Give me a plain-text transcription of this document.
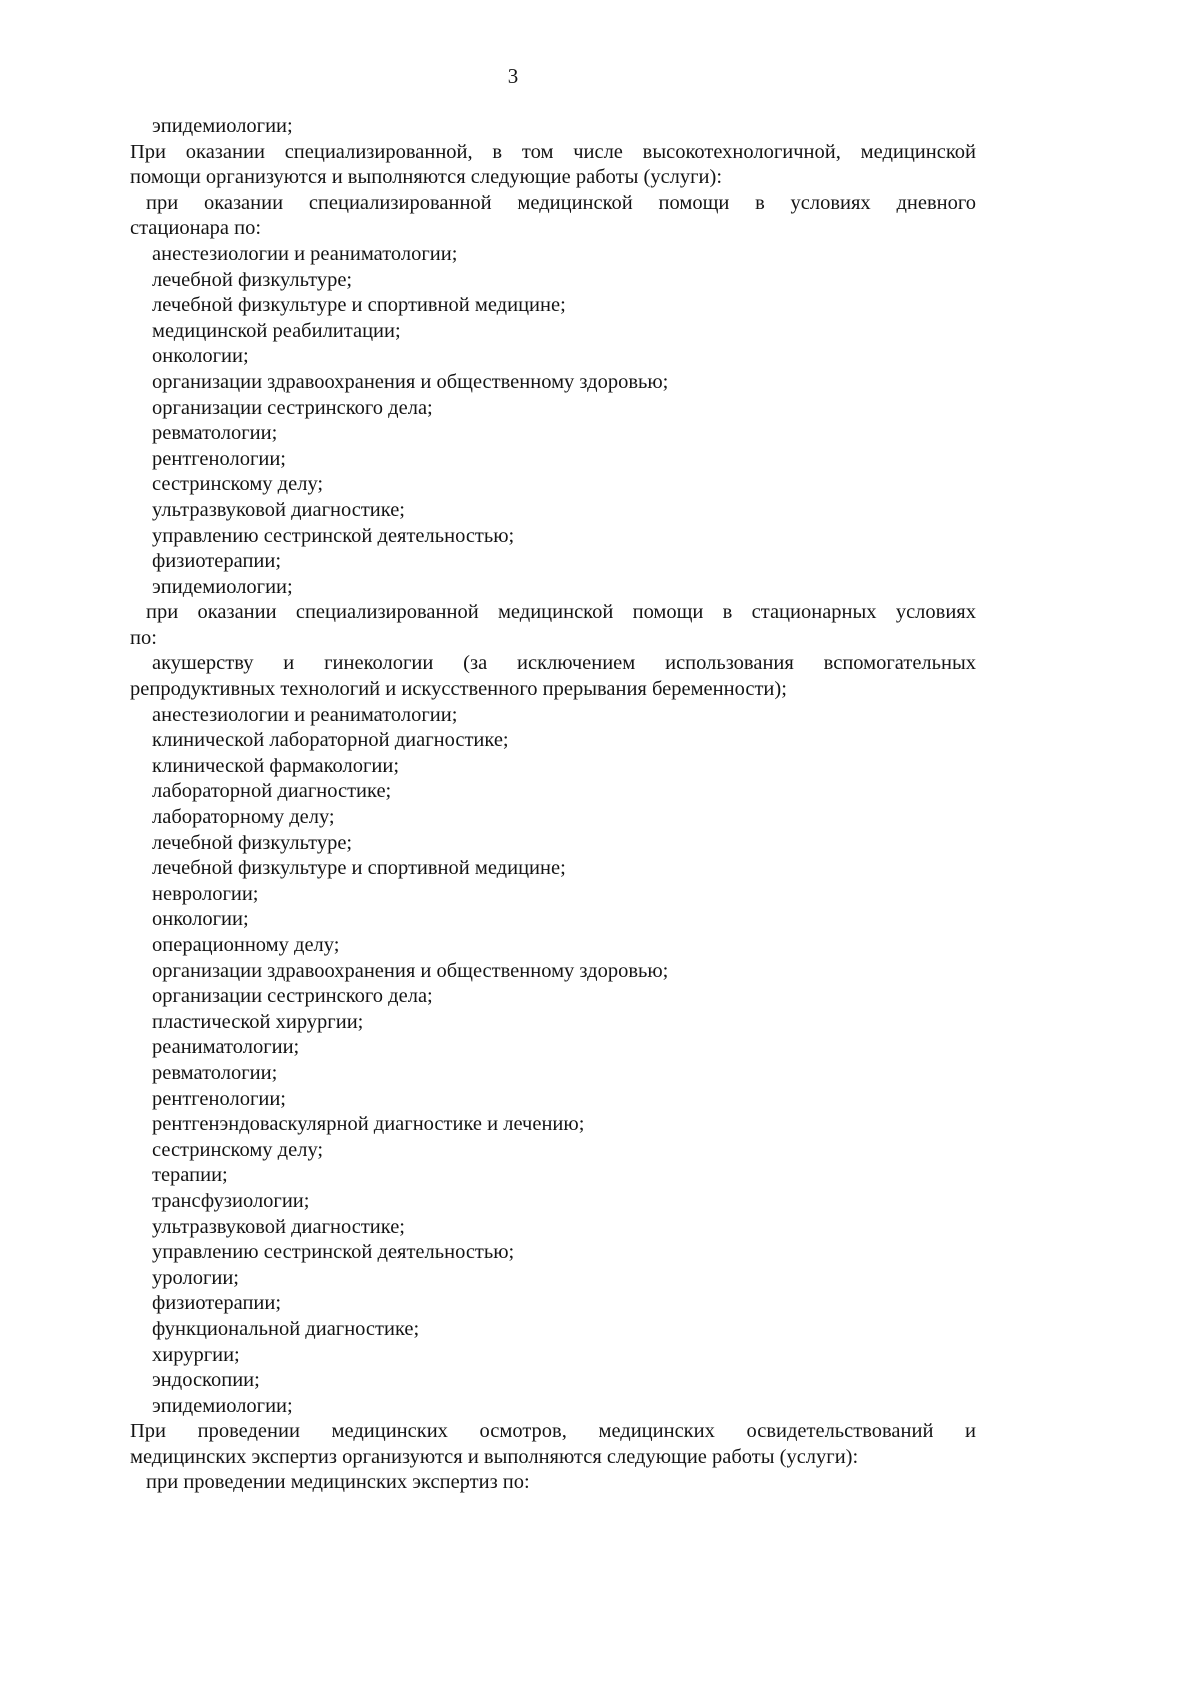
3
эпидемиологии;
При оказании специализированной, в том числе высокотехнологичной, медицинской
помощи организуются и выполняются следующие работы (услуги):
при оказании специализированной медицинской помощи в условиях дневного
стационара по:
анестезиологии и реаниматологии;
лечебной физкультуре;
лечебной физкультуре и спортивной медицине;
медицинской реабилитации;
онкологии;
организации здравоохранения и общественному здоровью;
организации сестринского дела;
ревматологии;
рентгенологии;
сестринскому делу;
ультразвуковой диагностике;
управлению сестринской деятельностью;
физиотерапии;
эпидемиологии;
при оказании специализированной медицинской помощи в стационарных условиях
по:
акушерству и гинекологии (за исключением использования вспомогательных
репродуктивных технологий и искусственного прерывания беременности);
анестезиологии и реаниматологии;
клинической лабораторной диагностике;
клинической фармакологии;
лабораторной диагностике;
лабораторному делу;
лечебной физкультуре;
лечебной физкультуре и спортивной медицине;
неврологии;
онкологии;
операционному делу;
организации здравоохранения и общественному здоровью;
организации сестринского дела;
пластической хирургии;
реаниматологии;
ревматологии;
рентгенологии;
рентгенэндоваскулярной диагностике и лечению;
сестринскому делу;
терапии;
трансфузиологии;
ультразвуковой диагностике;
управлению сестринской деятельностью;
урологии;
физиотерапии;
функциональной диагностике;
хирургии;
эндоскопии;
эпидемиологии;
При проведении медицинских осмотров, медицинских освидетельствований и
медицинских экспертиз организуются и выполняются следующие работы (услуги):
при проведении медицинских экспертиз по:
